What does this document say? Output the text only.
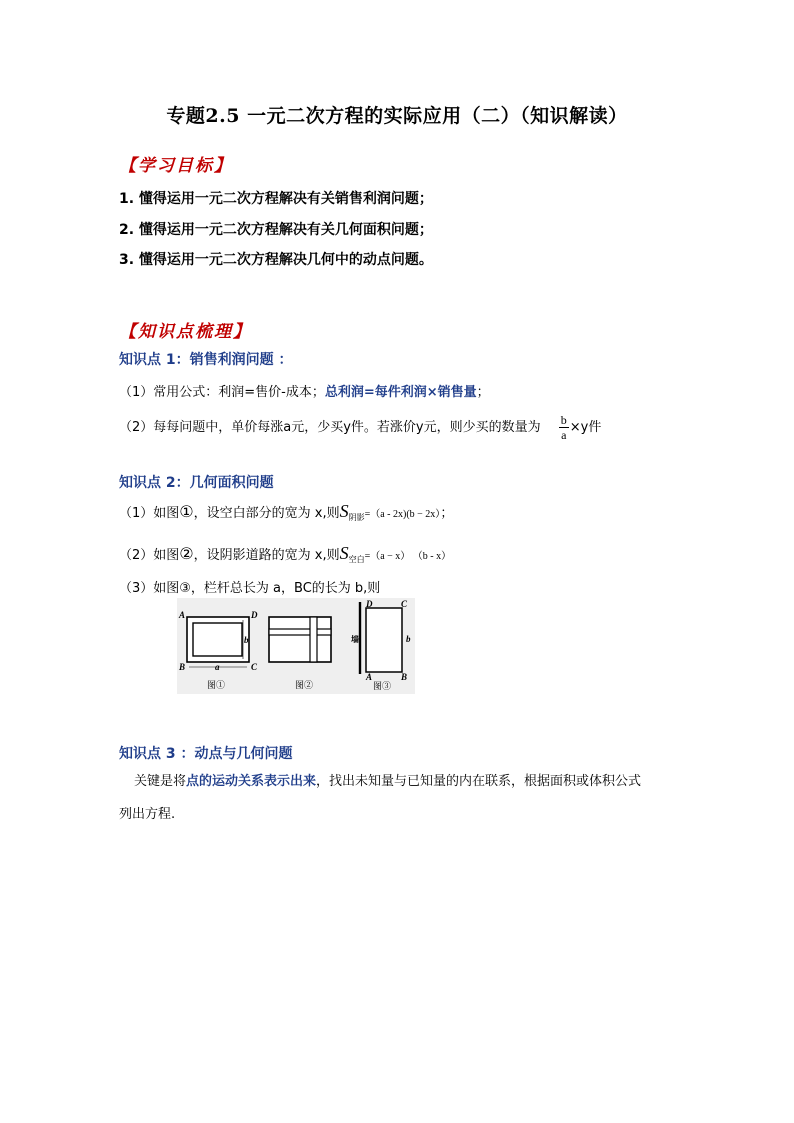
专题2.5 一元二次方程的实际应用（二）（知识解读）
【学习目标】
1. 懂得运用一元二次方程解决有关销售利润问题；
2. 懂得运用一元二次方程解决有关几何面积问题；
3. 懂得运用一元二次方程解决几何中的动点问题。
【知识点梳理】
知识点 1：销售利润问题 ：
（1）常用公式：利润=售价-成本；总利润=每件利润×销售量；
（2）每每问题中，单价每涨a元，少买y件。若涨价y元，则少买的数量为 $\frac{b}{a} \times y$件
知识点 2：几何面积问题
（1）如图①，设空白部分的宽为 x,则$S_{阴影}=(a - 2x)(b - 2x)$；
（2）如图②，设阴影道路的宽为 x,则$S_{空白}=(a - x)$ （b - x）
（3）如图③，栏杆总长为 a，BC的长为 b,则
A	D
B	C
a
b
图①	图②
墙
D	C
A	B
b
图③
知识点 3 ：动点与几何问题
关键是将点的运动关系表示出来，找出未知量与已知量的内在联系，根据面积或体积公式
列出方程.
